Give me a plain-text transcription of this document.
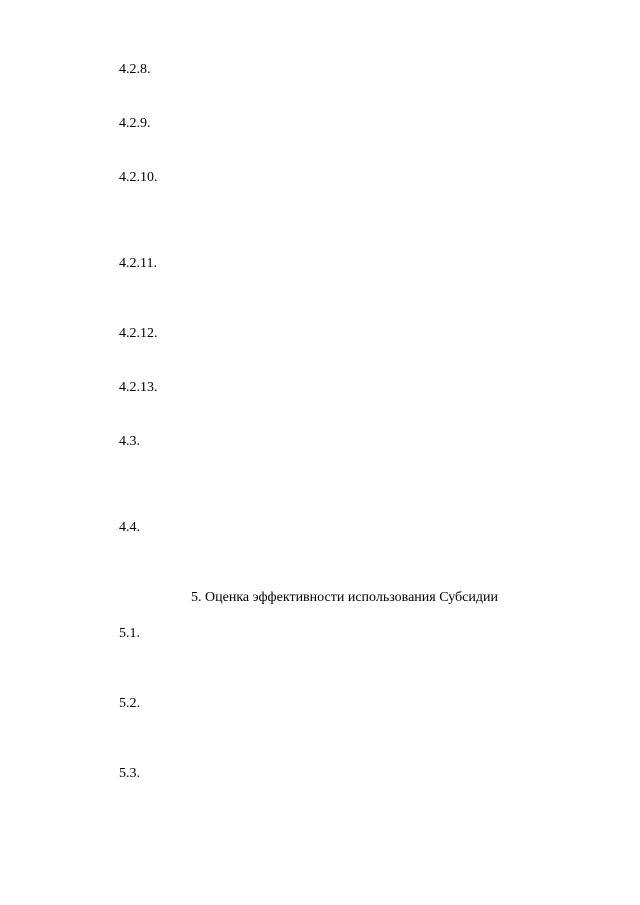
4.2.8.
4.2.9.
4.2.10.
4.2.11.
4.2.12.
4.2.13.
4.3.
4.4.
5. Оценка эффективности использования Субсидии
5.1.
5.2.
5.3.
